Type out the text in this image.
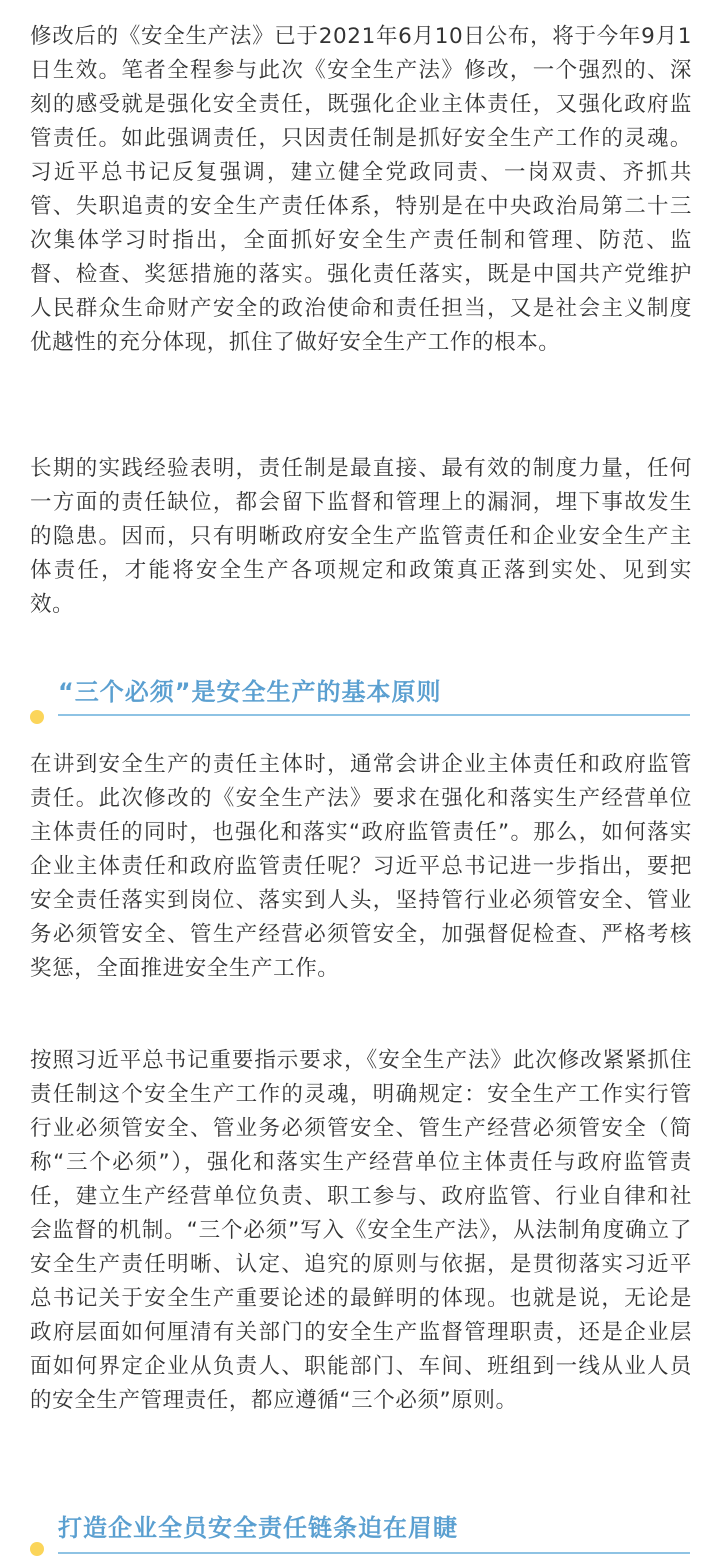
修改后的《安全生产法》已于2021年6月10日公布，将于今年9月1日生效。笔者全程参与此次《安全生产法》修改，一个强烈的、深刻的感受就是强化安全责任，既强化企业主体责任，又强化政府监管责任。如此强调责任，只因责任制是抓好安全生产工作的灵魂。习近平总书记反复强调，建立健全党政同责、一岗双责、齐抓共管、失职追责的安全生产责任体系，特别是在中央政治局第二十三次集体学习时指出，全面抓好安全生产责任制和管理、防范、监督、检查、奖惩措施的落实。强化责任落实，既是中国共产党维护人民群众生命财产安全的政治使命和责任担当，又是社会主义制度优越性的充分体现，抓住了做好安全生产工作的根本。

长期的实践经验表明，责任制是最直接、最有效的制度力量，任何一方面的责任缺位，都会留下监督和管理上的漏洞，埋下事故发生的隐患。因而，只有明晰政府安全生产监管责任和企业安全生产主体责任，才能将安全生产各项规定和政策真正落到实处、见到实效。

“三个必须”是安全生产的基本原则

在讲到安全生产的责任主体时，通常会讲企业主体责任和政府监管责任。此次修改的《安全生产法》要求在强化和落实生产经营单位主体责任的同时，也强化和落实“政府监管责任”。那么，如何落实企业主体责任和政府监管责任呢？习近平总书记进一步指出，要把安全责任落实到岗位、落实到人头，坚持管行业必须管安全、管业务必须管安全、管生产经营必须管安全，加强督促检查、严格考核奖惩，全面推进安全生产工作。

按照习近平总书记重要指示要求，《安全生产法》此次修改紧紧抓住责任制这个安全生产工作的灵魂，明确规定：安全生产工作实行管行业必须管安全、管业务必须管安全、管生产经营必须管安全（简称“三个必须”），强化和落实生产经营单位主体责任与政府监管责任，建立生产经营单位负责、职工参与、政府监管、行业自律和社会监督的机制。“三个必须”写入《安全生产法》，从法制角度确立了安全生产责任明晰、认定、追究的原则与依据，是贯彻落实习近平总书记关于安全生产重要论述的最鲜明的体现。也就是说，无论是政府层面如何厘清有关部门的安全生产监督管理职责，还是企业层面如何界定企业从负责人、职能部门、车间、班组到一线从业人员的安全生产管理责任，都应遵循“三个必须”原则。

打造企业全员安全责任链条迫在眉睫
